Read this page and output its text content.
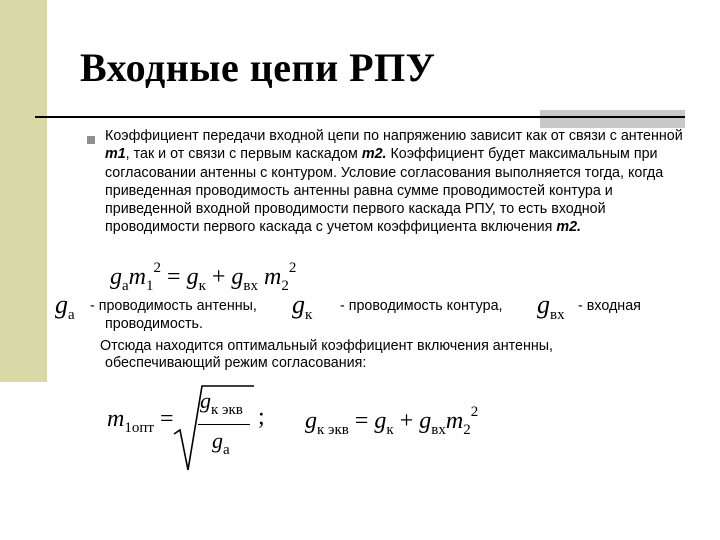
Входные цепи РПУ
Коэффициент передачи входной цепи по напряжению зависит как от связи с антенной m1, так и от связи с первым каскадом m2. Коэффициент будет максимальным при согласовании антенны с контуром. Условие согласования выполняется тогда, когда приведенная проводимость антенны равна сумме проводимостей контура и приведенной входной проводимости первого каскада РПУ, то есть входной проводимости первого каскада с учетом коэффициента включения m2.
$g_аm_1^2 = g_к + g_{вх}$ $m_2^2$
$g_а$
- проводимость антенны, $g_к$
- проводимость контура, $g_{вх}$
- входная
проводимость.
Отсюда находится оптимальный коэффициент включения антенны,
обеспечивающий режим согласования:
$m_{1опт}$ =
$g_{к экв}$
$g_а$
; $g_{к экв} = g_к + g_{вх}m_2^2$
